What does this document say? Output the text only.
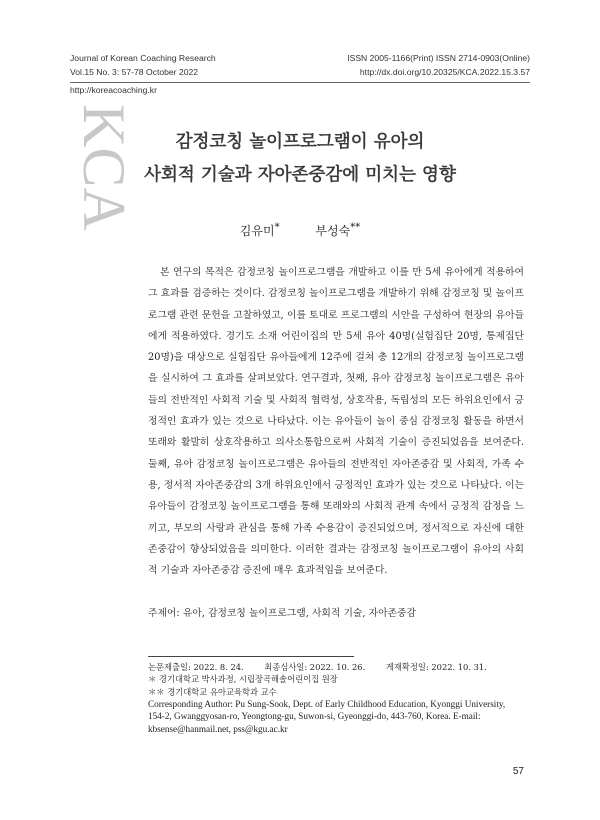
Journal of Korean Coaching Research
Vol.15 No. 3: 57-78 October 2022
ISSN 2005-1166(Print) ISSN 2714-0903(Online)
http://dx.doi.org/10.20325/KCA.2022.15.3.57
http://koreacoaching.kr
KCA	감정코칭 놀이프로그램이 유아의
사회적 기술과 자아존중감에 미치는 영향
김유미*	부성숙**
본 연구의 목적은 감정코칭 놀이프로그램을 개발하고 이를 만 5세 유아에게 적용하여 그 효과를 검증하는 것이다. 감정코칭 놀이프로그램을 개발하기 위해 감정코칭 및 놀이프로그램 관련 문헌을 고찰하였고, 이를 토대로 프로그램의 시안을 구성하여 현장의 유아들에게 적용하였다. 경기도 소재 어린이집의 만 5세 유아 40명(실험집단 20명, 통제집단 20명)을 대상으로 실험집단 유아들에게 12주에 걸쳐 총 12개의 감정코칭 놀이프로그램을 실시하여 그 효과를 살펴보았다. 연구결과, 첫째, 유아 감정코칭 놀이프로그램은 유아들의 전반적인 사회적 기술 및 사회적 협력성, 상호작용, 독립성의 모든 하위요인에서 긍정적인 효과가 있는 것으로 나타났다. 이는 유아들이 놀이 중심 감정코칭 활동을 하면서 또래와 활발히 상호작용하고 의사소통함으로써 사회적 기술이 증진되었음을 보여준다. 둘째, 유아 감정코칭 놀이프로그램은 유아들의 전반적인 자아존중감 및 사회적, 가족 수용, 정서적 자아존중감의 3개 하위요인에서 긍정적인 효과가 있는 것으로 나타났다. 이는 유아들이 감정코칭 놀이프로그램을 통해 또래와의 사회적 관계 속에서 긍정적 감정을 느끼고, 부모의 사랑과 관심을 통해 가족 수용감이 증진되었으며, 정서적으로 자신에 대한 존중감이 향상되었음을 의미한다. 이러한 결과는 감정코칭 놀이프로그램이 유아의 사회적 기술과 자아존중감 증진에 매우 효과적임을 보여준다.
주제어: 유아, 감정코칭 놀이프로그램, 사회적 기술, 자아존중감
논문제출일: 2022. 8. 24. 최종심사일: 2022. 10. 26. 게재확정일: 2022. 10. 31.
＊ 경기대학교 박사과정, 시립장곡해솔어린이집 원장
＊＊ 경기대학교 유아교육학과 교수
Corresponding Author: Pu Sung-Sook, Dept. of Early Childhood Education, Kyonggi University, 154-2, Gwanggyosan-ro, Yeongtong-gu, Suwon-si, Gyeonggi-do, 443-760, Korea. E-mail: kbsense@hanmail.net, pss@kgu.ac.kr
57
